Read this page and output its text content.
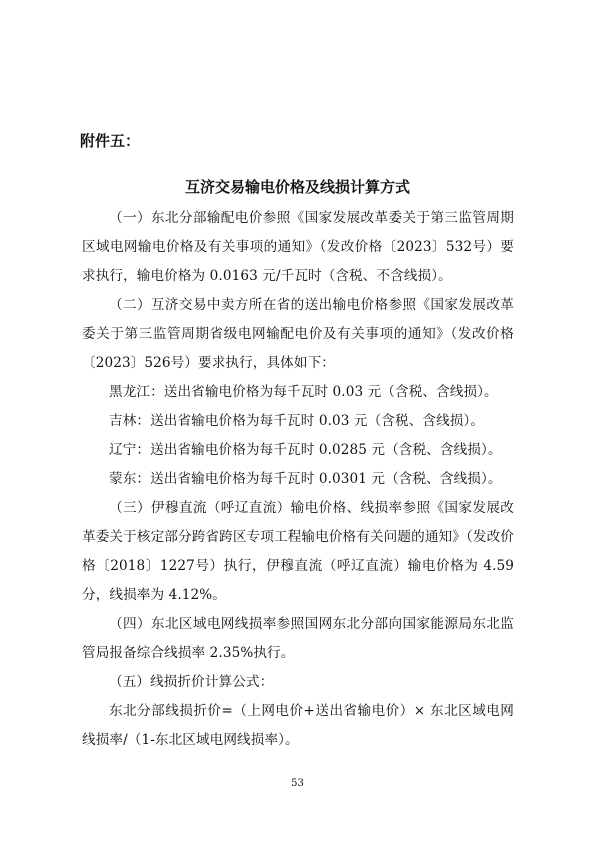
附件五：
互济交易输电价格及线损计算方式

（一）东北分部输配电价参照《国家发展改革委关于第三监管周期区域电网输电价格及有关事项的通知》（发改价格〔2023〕532号）要求执行，输电价格为 0.0163 元/千瓦时（含税、不含线损）。

（二）互济交易中卖方所在省的送出输电价格参照《国家发展改革委关于第三监管周期省级电网输配电价及有关事项的通知》（发改价格〔2023〕526号）要求执行，具体如下：

黑龙江：送出省输电价格为每千瓦时 0.03 元（含税、含线损）。

吉林：送出省输电价格为每千瓦时 0.03 元（含税、含线损）。

辽宁：送出省输电价格为每千瓦时 0.0285 元（含税、含线损）。

蒙东：送出省输电价格为每千瓦时 0.0301 元（含税、含线损）。

（三）伊穆直流（呼辽直流）输电价格、线损率参照《国家发展改革委关于核定部分跨省跨区专项工程输电价格有关问题的通知》（发改价格〔2018〕1227号）执行，伊穆直流（呼辽直流）输电价格为 4.59 分，线损率为 4.12%。

（四）东北区域电网线损率参照国网东北分部向国家能源局东北监管局报备综合线损率 2.35%执行。

（五）线损折价计算公式：

东北分部线损折价=（上网电价+送出省输电价）× 东北区域电网线损率/（1-东北区域电网线损率）。

53
